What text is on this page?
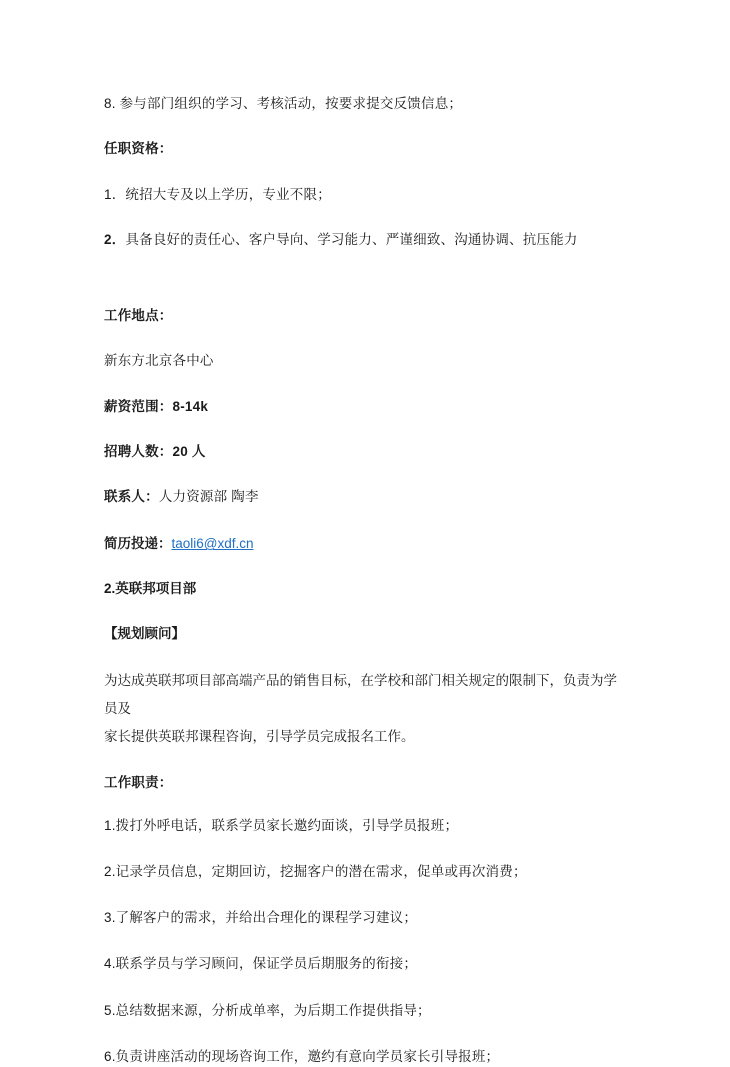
8. 参与部门组织的学习、考核活动，按要求提交反馈信息；

任职资格：

1．统招大专及以上学历，专业不限；

2．具备良好的责任心、客户导向、学习能力、严谨细致、沟通协调、抗压能力

工作地点：

新东方北京各中心

薪资范围：8-14k

招聘人数：20 人

联系人：人力资源部 陶李

简历投递：taoli6@xdf.cn

2.英联邦项目部

【规划顾问】

为达成英联邦项目部高端产品的销售目标，在学校和部门相关规定的限制下，负责为学员及
家长提供英联邦课程咨询，引导学员完成报名工作。

工作职责：

1.拨打外呼电话，联系学员家长邀约面谈，引导学员报班；

2.记录学员信息，定期回访，挖掘客户的潜在需求，促单或再次消费；

3.了解客户的需求，并给出合理化的课程学习建议；

4.联系学员与学习顾问，保证学员后期服务的衔接；

5.总结数据来源，分析成单率，为后期工作提供指导；

6.负责讲座活动的现场咨询工作，邀约有意向学员家长引导报班；
